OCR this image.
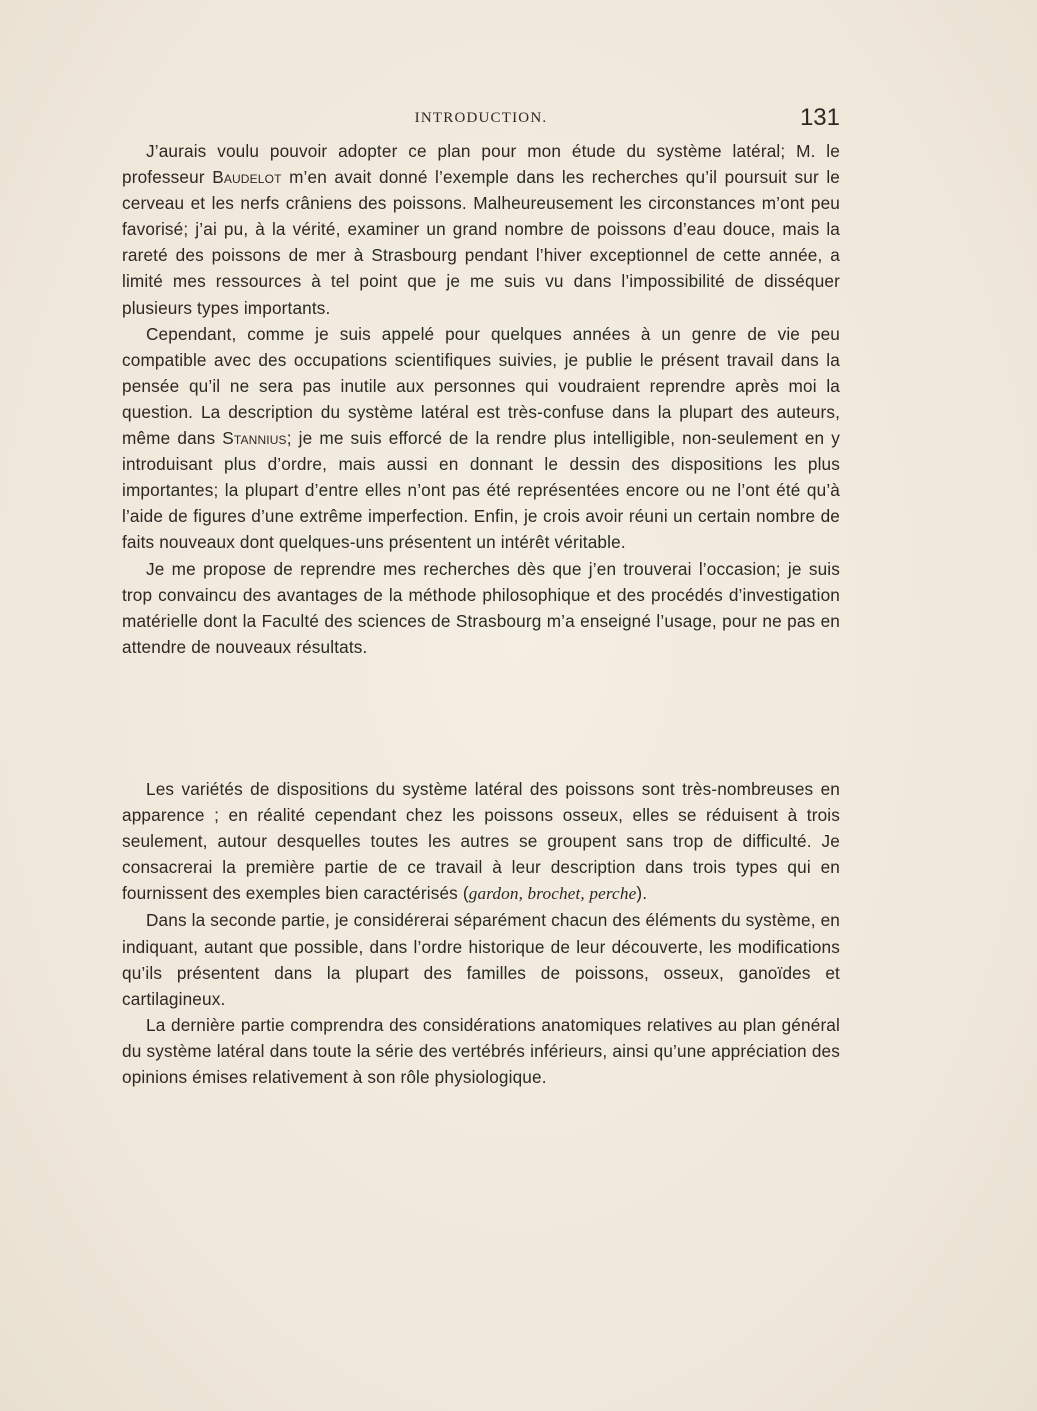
INTRODUCTION.	131

J’aurais voulu pouvoir adopter ce plan pour mon étude du système latéral; M. le professeur Baudelot m’en avait donné l’exemple dans les recherches qu’il poursuit sur le cerveau et les nerfs crâniens des poissons. Malheureusement les circonstances m’ont peu favorisé; j’ai pu, à la vérité, examiner un grand nombre de poissons d’eau douce, mais la rareté des poissons de mer à Strasbourg pendant l’hiver exceptionnel de cette année, a limité mes ressources à tel point que je me suis vu dans l’impossibilité de disséquer plusieurs types importants.

Cependant, comme je suis appelé pour quelques années à un genre de vie peu compatible avec des occupations scientifiques suivies, je publie le présent travail dans la pensée qu’il ne sera pas inutile aux personnes qui voudraient reprendre après moi la question. La description du système latéral est très-confuse dans la plupart des auteurs, même dans Stannius; je me suis efforcé de la rendre plus intelligible, non-seulement en y introduisant plus d’ordre, mais aussi en donnant le dessin des dispositions les plus importantes; la plupart d’entre elles n’ont pas été représentées encore ou ne l’ont été qu’à l’aide de figures d’une extrême imperfection. Enfin, je crois avoir réuni un certain nombre de faits nouveaux dont quelques-uns présentent un intérêt véritable.

Je me propose de reprendre mes recherches dès que j’en trouverai l’occasion; je suis trop convaincu des avantages de la méthode philosophique et des procédés d’investigation matérielle dont la Faculté des sciences de Strasbourg m’a enseigné l’usage, pour ne pas en attendre de nouveaux résultats.

Les variétés de dispositions du système latéral des poissons sont très-nombreuses en apparence ; en réalité cependant chez les poissons osseux, elles se réduisent à trois seulement, autour desquelles toutes les autres se groupent sans trop de difficulté. Je consacrerai la première partie de ce travail à leur description dans trois types qui en fournissent des exemples bien caractérisés (gardon, brochet, perche).

Dans la seconde partie, je considérerai séparément chacun des éléments du système, en indiquant, autant que possible, dans l’ordre historique de leur découverte, les modifications qu’ils présentent dans la plupart des familles de poissons, osseux, ganoïdes et cartilagineux.

La dernière partie comprendra des considérations anatomiques relatives au plan général du système latéral dans toute la série des vertébrés inférieurs, ainsi qu’une appréciation des opinions émises relativement à son rôle physiologique.
